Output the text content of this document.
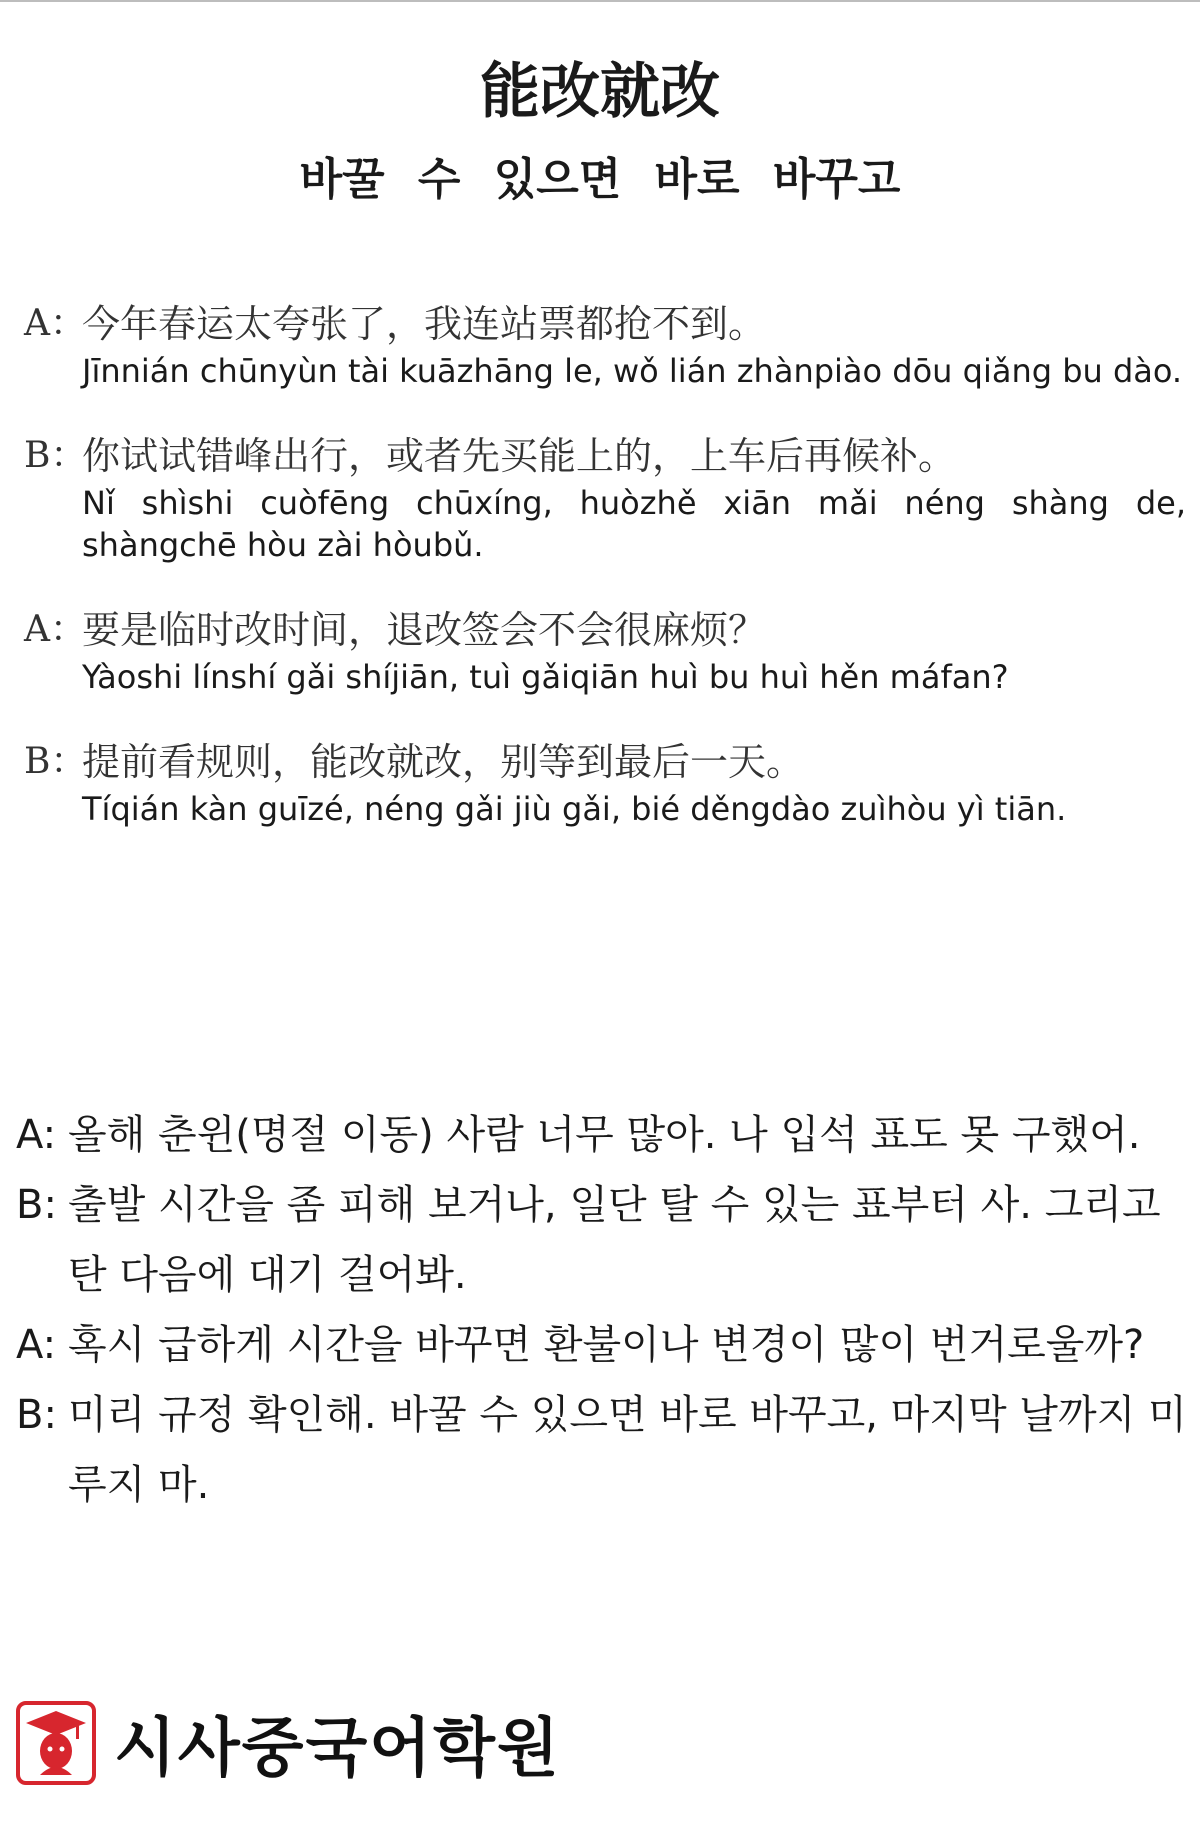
能改就改
바꿀 수 있으면 바로 바꾸고
A：
今年春运太夸张了，我连站票都抢不到。
Jīnnián chūnyùn tài kuāzhāng le, wǒ lián zhànpiào dōu qiǎng bu dào.
B：
你试试错峰出行，或者先买能上的，上车后再候补。
Nǐ shìshi cuòfēng chūxíng, huòzhě xiān mǎi néng shàng de, shàngchē hòu zài hòubǔ.
A：
要是临时改时间，退改签会不会很麻烦？
Yàoshi línshí gǎi shíjiān, tuì gǎiqiān huì bu huì hěn máfan?
B：
提前看规则，能改就改，别等到最后一天。
Tíqián kàn guīzé, néng gǎi jiù gǎi, bié děngdào zuìhòu yì tiān.
A: 올해 춘윈(명절 이동) 사람 너무 많아. 나 입석 표도 못 구했어.
B: 출발 시간을 좀 피해 보거나, 일단 탈 수 있는 표부터 사. 그리고 탄 다음에 대기 걸어봐.
A: 혹시 급하게 시간을 바꾸면 환불이나 변경이 많이 번거로울까?
B: 미리 규정 확인해. 바꿀 수 있으면 바로 바꾸고, 마지막 날까지 미루지 마.
시사중국어학원
